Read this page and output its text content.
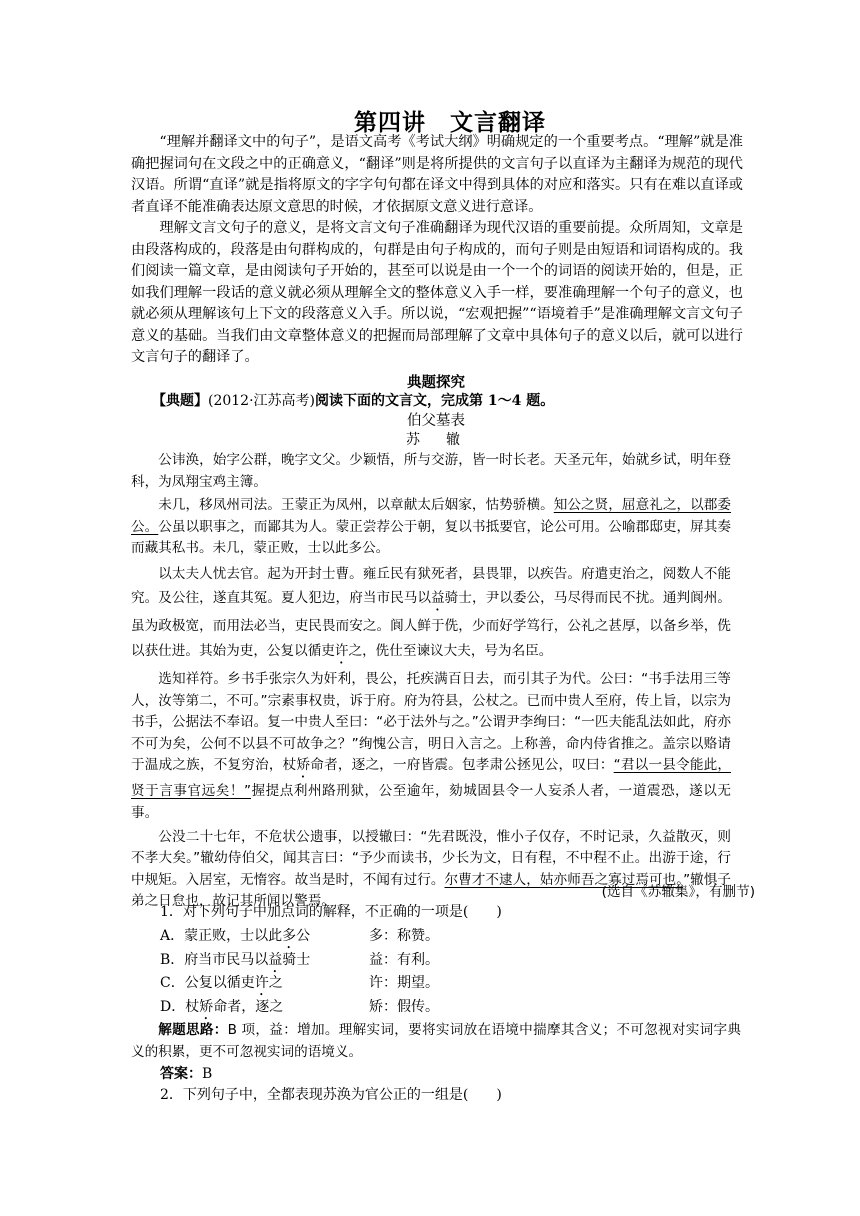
第四讲　文言翻译

“理解并翻译文中的句子”，是语文高考《考试大纲》明确规定的一个重要考点。“理解”就是准确把握词句在文段之中的正确意义，“翻译”则是将所提供的文言句子以直译为主翻译为规范的现代汉语。所谓“直译”就是指将原文的字字句句都在译文中得到具体的对应和落实。只有在难以直译或者直译不能准确表达原文意思的时候，才依据原文意义进行意译。

理解文言文句子的意义，是将文言文句子准确翻译为现代汉语的重要前提。众所周知，文章是由段落构成的，段落是由句群构成的，句群是由句子构成的，而句子则是由短语和词语构成的。我们阅读一篇文章，是由阅读句子开始的，甚至可以说是由一个一个的词语的阅读开始的，但是，正如我们理解一段话的意义就必须从理解全文的整体意义入手一样，要准确理解一个句子的意义，也就必须从理解该句上下文的段落意义入手。所以说，“宏观把握”“语境着手”是准确理解文言文句子意义的基础。当我们由文章整体意义的把握而局部理解了文章中具体句子的意义以后，就可以进行文言句子的翻译了。

典题探究
【典题】(2012·江苏高考)阅读下面的文言文，完成第 1～4 题。
伯父墓表
苏　辙

公讳涣，始字公群，晚字文父。少颖悟，所与交游，皆一时长老。天圣元年，始就乡试，明年登科，为凤翔宝鸡主簿。

未几，移凤州司法。王蒙正为凤州，以章献太后姻家，怙势骄横。知公之贤，屈意礼之，以郡委公。公虽以职事之，而鄙其为人。蒙正尝荐公于朝，复以书抵要官，论公可用。公喻郡邸吏，屏其奏而藏其私书。未几，蒙正败，士以此多公。

以太夫人忧去官。起为开封士曹。雍丘民有狱死者，县畏罪，以疾告。府遣吏治之，阅数人不能究。及公往，遂直其冤。夏人犯边，府当市民马以益骑士，尹以委公，马尽得而民不扰。通判阆州。虽为政极宽，而用法必当，吏民畏而安之。阆人鲜于侁，少而好学笃行，公礼之甚厚，以备乡举，侁以获仕进。其始为吏，公复以循吏许之，侁仕至谏议大夫，号为名臣。

选知祥符。乡书手张宗久为奸利，畏公，托疾满百日去，而引其子为代。公曰：“书手法用三等人，汝等第二，不可。”宗素事权贵，诉于府。府为符县，公杖之。已而中贵人至府，传上旨，以宗为书手，公据法不奉诏。复一中贵人至曰：“必于法外与之。”公谓尹李绚曰：“一匹夫能乱法如此，府亦不可为矣，公何不以县不可故争之？”绚愧公言，明日入言之。上称善，命内侍省推之。盖宗以赂请于温成之族，不复穷治，杖矫命者，逐之，一府皆震。包孝肃公拯见公，叹曰：“君以一县令能此，贤于言事官远矣！”握提点利州路刑狱，公至逾年，劾城固县令一人妄杀人者，一道震恐，遂以无事。

公没二十七年，不危状公遗事，以授辙曰：“先君既没，惟小子仅存，不时记录，久益散灭，则不孝大矣。”辙幼侍伯父，闻其言曰：“予少而读书，少长为文，日有程，不中程不止。出游于途，行中规矩。入居室，无惰容。故当是时，不闻有过行。尔曹才不逮人，姑亦师吾之寡过焉可也。”辙惧子弟之日怠也，故记其所闻以警焉。

(选自《苏辙集》，有删节)
1．对下列句子中加点词的解释，不正确的一项是(　　)
A．蒙正败，士以此多公	多：称赞。
B．府当市民马以益骑士	益：有利。
C．公复以循吏许之	许：期望。
D．杖矫命者，逐之	矫：假传。

解题思路：B 项，益：增加。理解实词，要将实词放在语境中揣摩其含义；不可忽视对实词字典义的积累，更不可忽视实词的语境义。

答案：B
2．下列句子中，全都表现苏涣为官公正的一组是(　　)
